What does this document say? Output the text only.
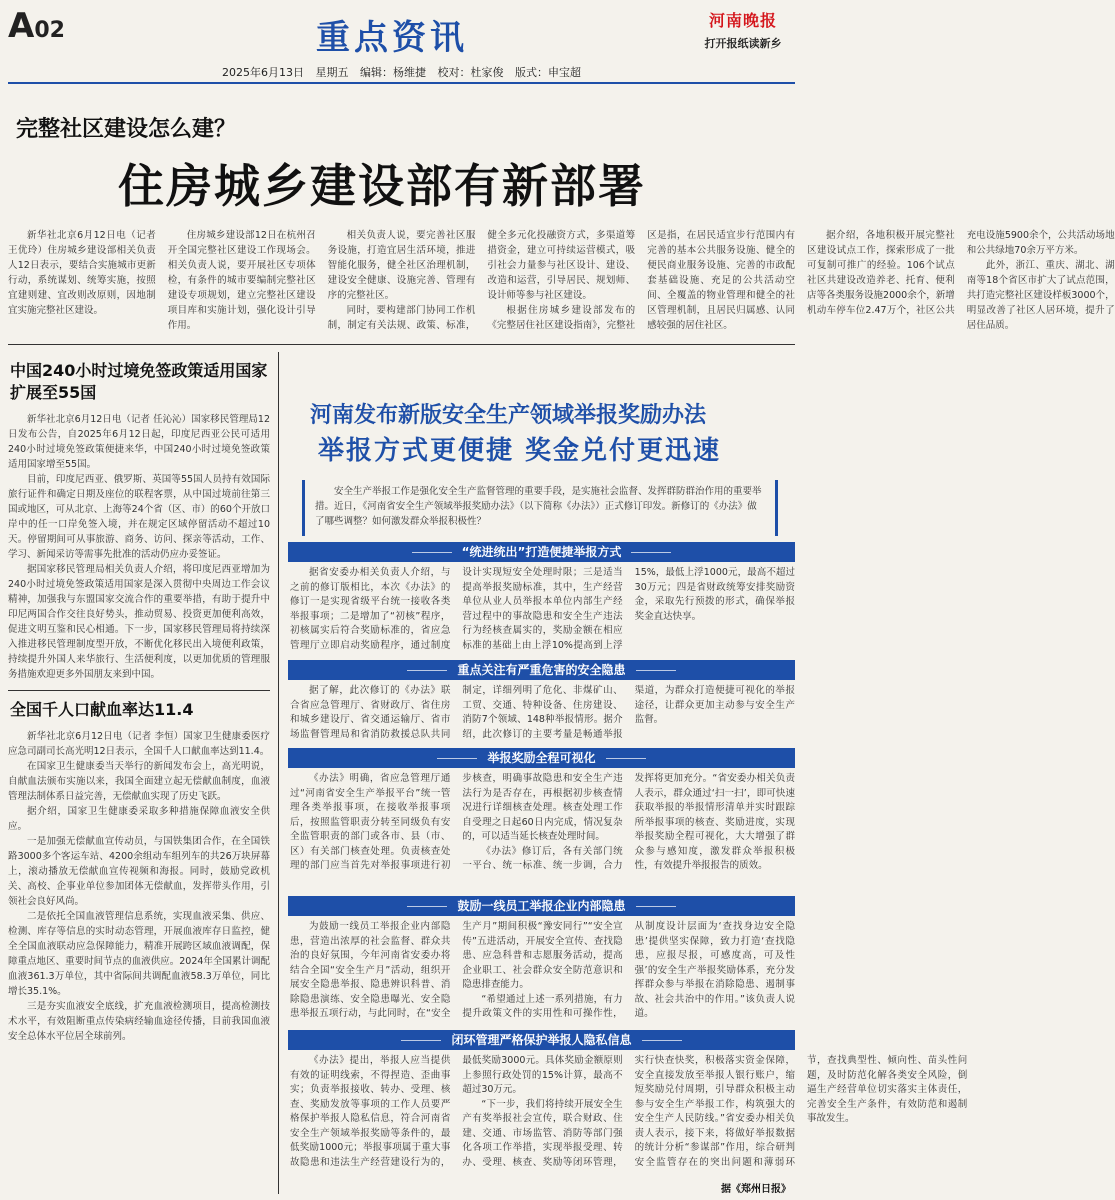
A02	重点资讯	河南晚报
打开报纸读新乡
2025年6月13日 星期五 编辑：杨维捷 校对：杜家俊 版式：申宝超
完整社区建设怎么建？
住房城乡建设部有新部署

新华社北京6月12日电（记者 王优玲）住房城乡建设部相关负责人12日表示，要结合实施城市更新行动，系统谋划、统筹实施，按照宜建则建、宜改则改原则，因地制宜实施完整社区建设。

住房城乡建设部12日在杭州召开全国完整社区建设工作现场会。相关负责人说，要开展社区专项体检，有条件的城市要编制完整社区建设专项规划，建立完整社区建设项目库和实施计划，强化设计引导作用。

相关负责人说，要完善社区服务设施，打造宜居生活环境，推进智能化服务，健全社区治理机制，建设安全健康、设施完善、管理有序的完整社区。

同时，要构建部门协同工作机制，制定有关法规、政策、标准，健全多元化投融资方式，多渠道筹措资金，建立可持续运营模式，吸引社会力量参与社区设计、建设、改造和运营，引导居民、规划师、设计师等参与社区建设。

根据住房城乡建设部发布的《完整居住社区建设指南》，完整社区是指，在居民适宜步行范围内有完善的基本公共服务设施、健全的便民商业服务设施、完善的市政配套基础设施、充足的公共活动空间、全覆盖的物业管理和健全的社区管理机制，且居民归属感、认同感较强的居住社区。

据介绍，各地积极开展完整社区建设试点工作，探索形成了一批可复制可推广的经验。106个试点社区共建设改造养老、托育、便利店等各类服务设施2000余个，新增机动车停车位2.47万个，社区公共充电设施5900余个，公共活动场地和公共绿地70余万平方米。

此外，浙江、重庆、湖北、湖南等18个省区市扩大了试点范围，共打造完整社区建设样板3000个，明显改善了社区人居环境，提升了居住品质。

中国240小时过境免签政策适用国家扩展至55国

新华社北京6月12日电（记者 任沁沁）国家移民管理局12日发布公告，自2025年6月12日起，印度尼西亚公民可适用240小时过境免签政策便捷来华，中国240小时过境免签政策适用国家增至55国。

目前，印度尼西亚、俄罗斯、英国等55国人员持有效国际旅行证件和确定日期及座位的联程客票，从中国过境前往第三国或地区，可从北京、上海等24个省（区、市）的60个开放口岸中的任一口岸免签入境，并在规定区域停留活动不超过10天。停留期间可从事旅游、商务、访问、探亲等活动，工作、学习、新闻采访等需事先批准的活动仍应办妥签证。

据国家移民管理局相关负责人介绍，将印度尼西亚增加为240小时过境免签政策适用国家是深入贯彻中央周边工作会议精神，加强我与东盟国家交流合作的重要举措，有助于提升中印尼两国合作交往良好势头，推动贸易、投资更加便利高效，促进文明互鉴和民心相通。下一步，国家移民管理局将持续深入推进移民管理制度型开放，不断优化移民出入境便利政策，持续提升外国人来华旅行、生活便利度，以更加优质的管理服务措施欢迎更多外国朋友来到中国。

全国千人口献血率达11.4

新华社北京6月12日电（记者 李恒）国家卫生健康委医疗应急司副司长高光明12日表示，全国千人口献血率达到11.4。

在国家卫生健康委当天举行的新闻发布会上，高光明说，自献血法颁布实施以来，我国全面建立起无偿献血制度，血液管理法制体系日益完善，无偿献血实现了历史飞跃。

据介绍，国家卫生健康委采取多种措施保障血液安全供应。

一是加强无偿献血宣传动员，与国铁集团合作，在全国铁路3000多个客运车站、4200余组动车组列车的共26万块屏幕上，滚动播放无偿献血宣传视频和海报。同时，鼓励党政机关、高校、企事业单位参加团体无偿献血，发挥带头作用，引领社会良好风尚。

二是依托全国血液管理信息系统，实现血液采集、供应、检测、库存等信息的实时动态管理，开展血液库存日监控，健全全国血液联动应急保障能力，精准开展跨区域血液调配，保障重点地区、重要时间节点的血液供应。2024年全国累计调配血液361.3万单位，其中省际间共调配血液58.3万单位，同比增长35.1%。

三是夯实血液安全底线，扩充血液检测项目，提高检测技术水平，有效阻断重点传染病经输血途径传播，目前我国血液安全总体水平位居全球前列。

河南发布新版安全生产领域举报奖励办法
举报方式更便捷 奖金兑付更迅速

安全生产举报工作是强化安全生产监督管理的重要手段，是实施社会监督、发挥群防群治作用的重要举措。近日，《河南省安全生产领域举报奖励办法》（以下简称《办法》）正式修订印发。新修订的《办法》做了哪些调整？如何激发群众举报积极性？

“统进统出”打造便捷举报方式

据省安委办相关负责人介绍，与之前的修订版相比，本次《办法》的修订一是实现省级平台统一接收各类举报事项；二是增加了“初核”程序，初核属实后符合奖励标准的，省应急管理厅立即启动奖励程序，通过制度设计实现短安全处理时限；三是适当提高举报奖励标准，其中，生产经营单位从业人员举报本单位内部生产经营过程中的事故隐患和安全生产违法行为经核查属实的，奖励金额在相应标准的基础上由上浮10%提高到上浮15%，最低上浮1000元，最高不超过30万元；四是省财政统筹安排奖励资金，采取先行预拨的形式，确保举报奖金直达快享。

重点关注有严重危害的安全隐患

据了解，此次修订的《办法》联合省应急管理厅、省财政厅、省住房和城乡建设厅、省交通运输厅、省市场监督管理局和省消防救援总队共同制定，详细列明了危化、非煤矿山、工贸、交通、特种设备、住房建设、消防7个领域、148种举报情形。据介绍，此次修订的主要考量是畅通举报渠道，为群众打造便捷可视化的举报途径，让群众更加主动参与安全生产监督。

举报奖励全程可视化

《办法》明确，省应急管理厅通过“河南省安全生产举报平台”统一管理各类举报事项，在接收举报事项后，按照监管职责分转至同级负有安全监管职责的部门或各市、县（市、区）有关部门核查处理。负责核查处理的部门应当首先对举报事项进行初步核查，明确事故隐患和安全生产违法行为是否存在，再根据初步核查情况进行详细核查处理。核查处理工作自受理之日起60日内完成，情况复杂的，可以适当延长核查处理时间。

《办法》修订后，各有关部门统一平台、统一标准、统一步调，合力发挥将更加充分。“省安委办相关负责人表示，群众通过‘扫一扫’，即可快速获取举报的举报情形清单并实时跟踪所举报事项的核查、奖励进度，实现举报奖励全程可视化，大大增强了群众参与感知度，激发群众举报积极性，有效提升举报报告的质效。

鼓励一线员工举报企业内部隐患

为鼓励一线员工举报企业内部隐患，营造出浓厚的社会监督、群众共治的良好氛围，今年河南省安委办将结合全国“安全生产月”活动，组织开展安全隐患举报、隐患辨识科普、消除隐患演练、安全隐患曝光、安全隐患举报五项行动，与此同时，在“安全生产月”期间积极“豫安同行”“安全宣传”五进活动，开展安全宣传、查找隐患、应急科普和志愿服务活动，提高企业职工、社会群众安全防范意识和隐患排查能力。

“希望通过上述一系列措施，有力提升政策文件的实用性和可操作性，从制度设计层面为‘查找身边安全隐患’提供坚实保障，致力打造‘查找隐患，应报尽报，可感度高，可及性强’的安全生产举报奖励体系，充分发挥群众参与举报在消除隐患、遏制事故、社会共治中的作用。”该负责人说道。

闭环管理严格保护举报人隐私信息

《办法》提出，举报人应当提供有效的证明线索，不得捏造、歪曲事实；负责举报接收、转办、受理、核查、奖励发放等事项的工作人员要严格保护举报人隐私信息，符合河南省安全生产领域举报奖励等条件的，最低奖励1000元；举报事项属于重大事故隐患和违法生产经营建设行为的，最低奖励3000元。具体奖励金额原则上参照行政处罚的15%计算，最高不超过30万元。

“下一步，我们将持续开展安全生产有奖举报社会宣传，联合财政、住建、交通、市场监管、消防等部门强化各项工作举措，实现举报受理、转办、受理、核查、奖励等闭环管理，实行快查快奖，积极落实资金保障，安全直接发放至举报人银行账户，缩短奖励兑付周期，引导群众积极主动参与安全生产举报工作，构筑强大的安全生产人民防线。”省安委办相关负责人表示，接下来，将做好举报数据的统计分析“参谋部”作用，综合研判安全监管存在的突出问题和薄弱环节，查找典型性、倾向性、苗头性问题，及时防范化解各类安全风险，倒逼生产经营单位切实落实主体责任，完善安全生产条件，有效防范和遏制事故发生。

据《郑州日报》
